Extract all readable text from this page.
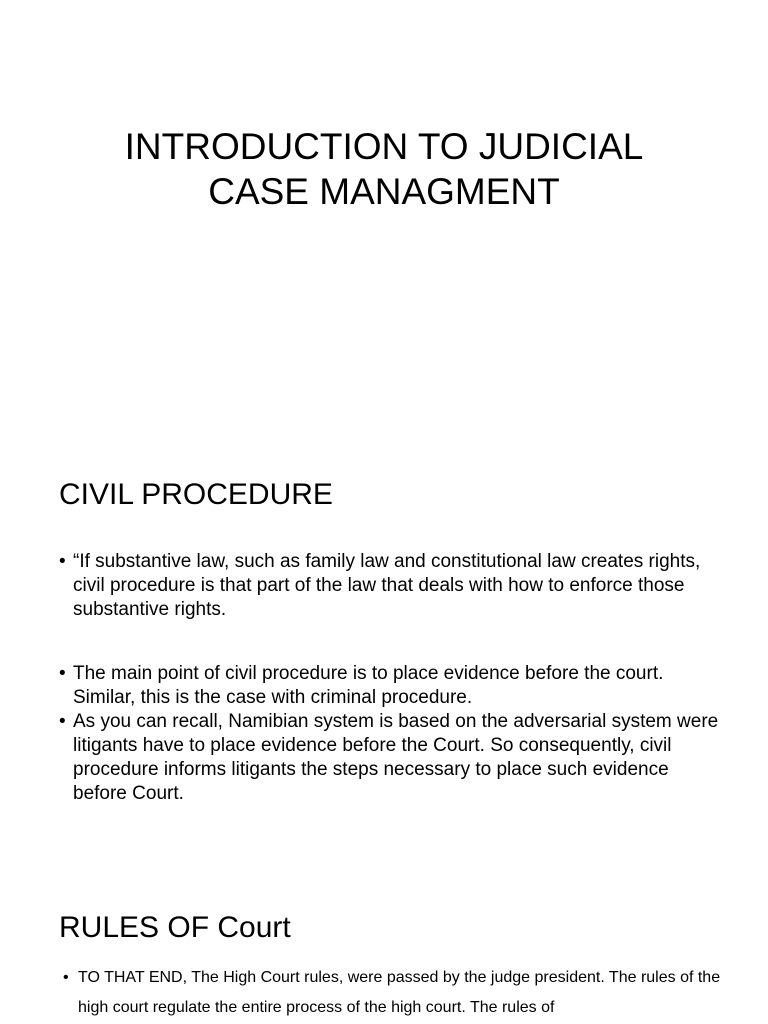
INTRODUCTION TO JUDICIAL
CASE MANAGMENT
CIVIL PROCEDURE
• “If substantive law, such as family law and constitutional law creates rights, civil procedure is that part of the law that deals with how to enforce those substantive rights.
• The main point of civil procedure is to place evidence before the court. Similar, this is the case with criminal procedure.
• As you can recall, Namibian system is based on the adversarial system were litigants have to place evidence before the Court. So consequently, civil procedure informs litigants the steps necessary to place such evidence before Court.
RULES OF Court
• TO THAT END, The High Court rules, were passed by the judge president. The rules of the high court regulate the entire process of the high court. The rules of
